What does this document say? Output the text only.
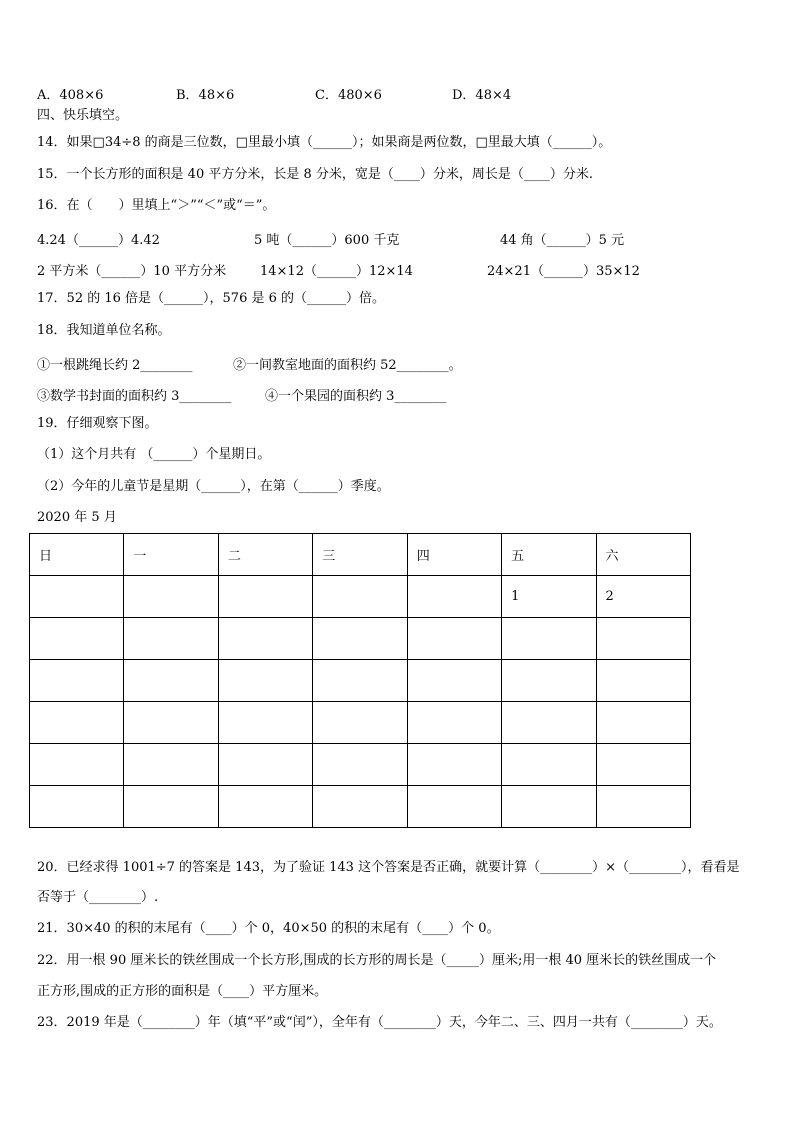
A．408×6	B．48×6	C．480×6	D．48×4
四、快乐填空。
14．如果□34÷8 的商是三位数，□里最小填（______）；如果商是两位数，□里最大填（______）。
15．一个长方形的面积是 40 平方分米，长是 8 分米，宽是（____）分米，周长是（____）分米.
16．在（　　）里填上“＞”“＜”或“＝”。
4.24（______）4.42	5 吨（______）600 千克	44 角（______）5 元
2 平方米（______）10 平方分米	14×12（______）12×14	24×21（______）35×12
17．52 的 16 倍是（______），576 是 6 的（______）倍。
18．我知道单位名称。
①一根跳绳长约 2________	②一间教室地面的面积约 52________。
③数学书封面的面积约 3________	④一个果园的面积约 3________
19．仔细观察下图。
（1）这个月共有 （______）个星期日。
（2）今年的儿童节是星期（______），在第（______）季度。
2020 年 5 月
日	一	二	三	四	五	六
					1	2

20．已经求得 1001÷7 的答案是 143，为了验证 143 这个答案是否正确，就要计算（________）×（________），看看是
否等于（________）.
21．30×40 的积的末尾有（____）个 0，40×50 的积的末尾有（____）个 0。
22．用一根 90 厘米长的铁丝围成一个长方形,围成的长方形的周长是（_____）厘米;用一根 40 厘米长的铁丝围成一个
正方形,围成的正方形的面积是（____）平方厘米。
23．2019 年是（________）年（填“平”或“闰”），全年有（________）天，今年二、三、四月一共有（________）天。
